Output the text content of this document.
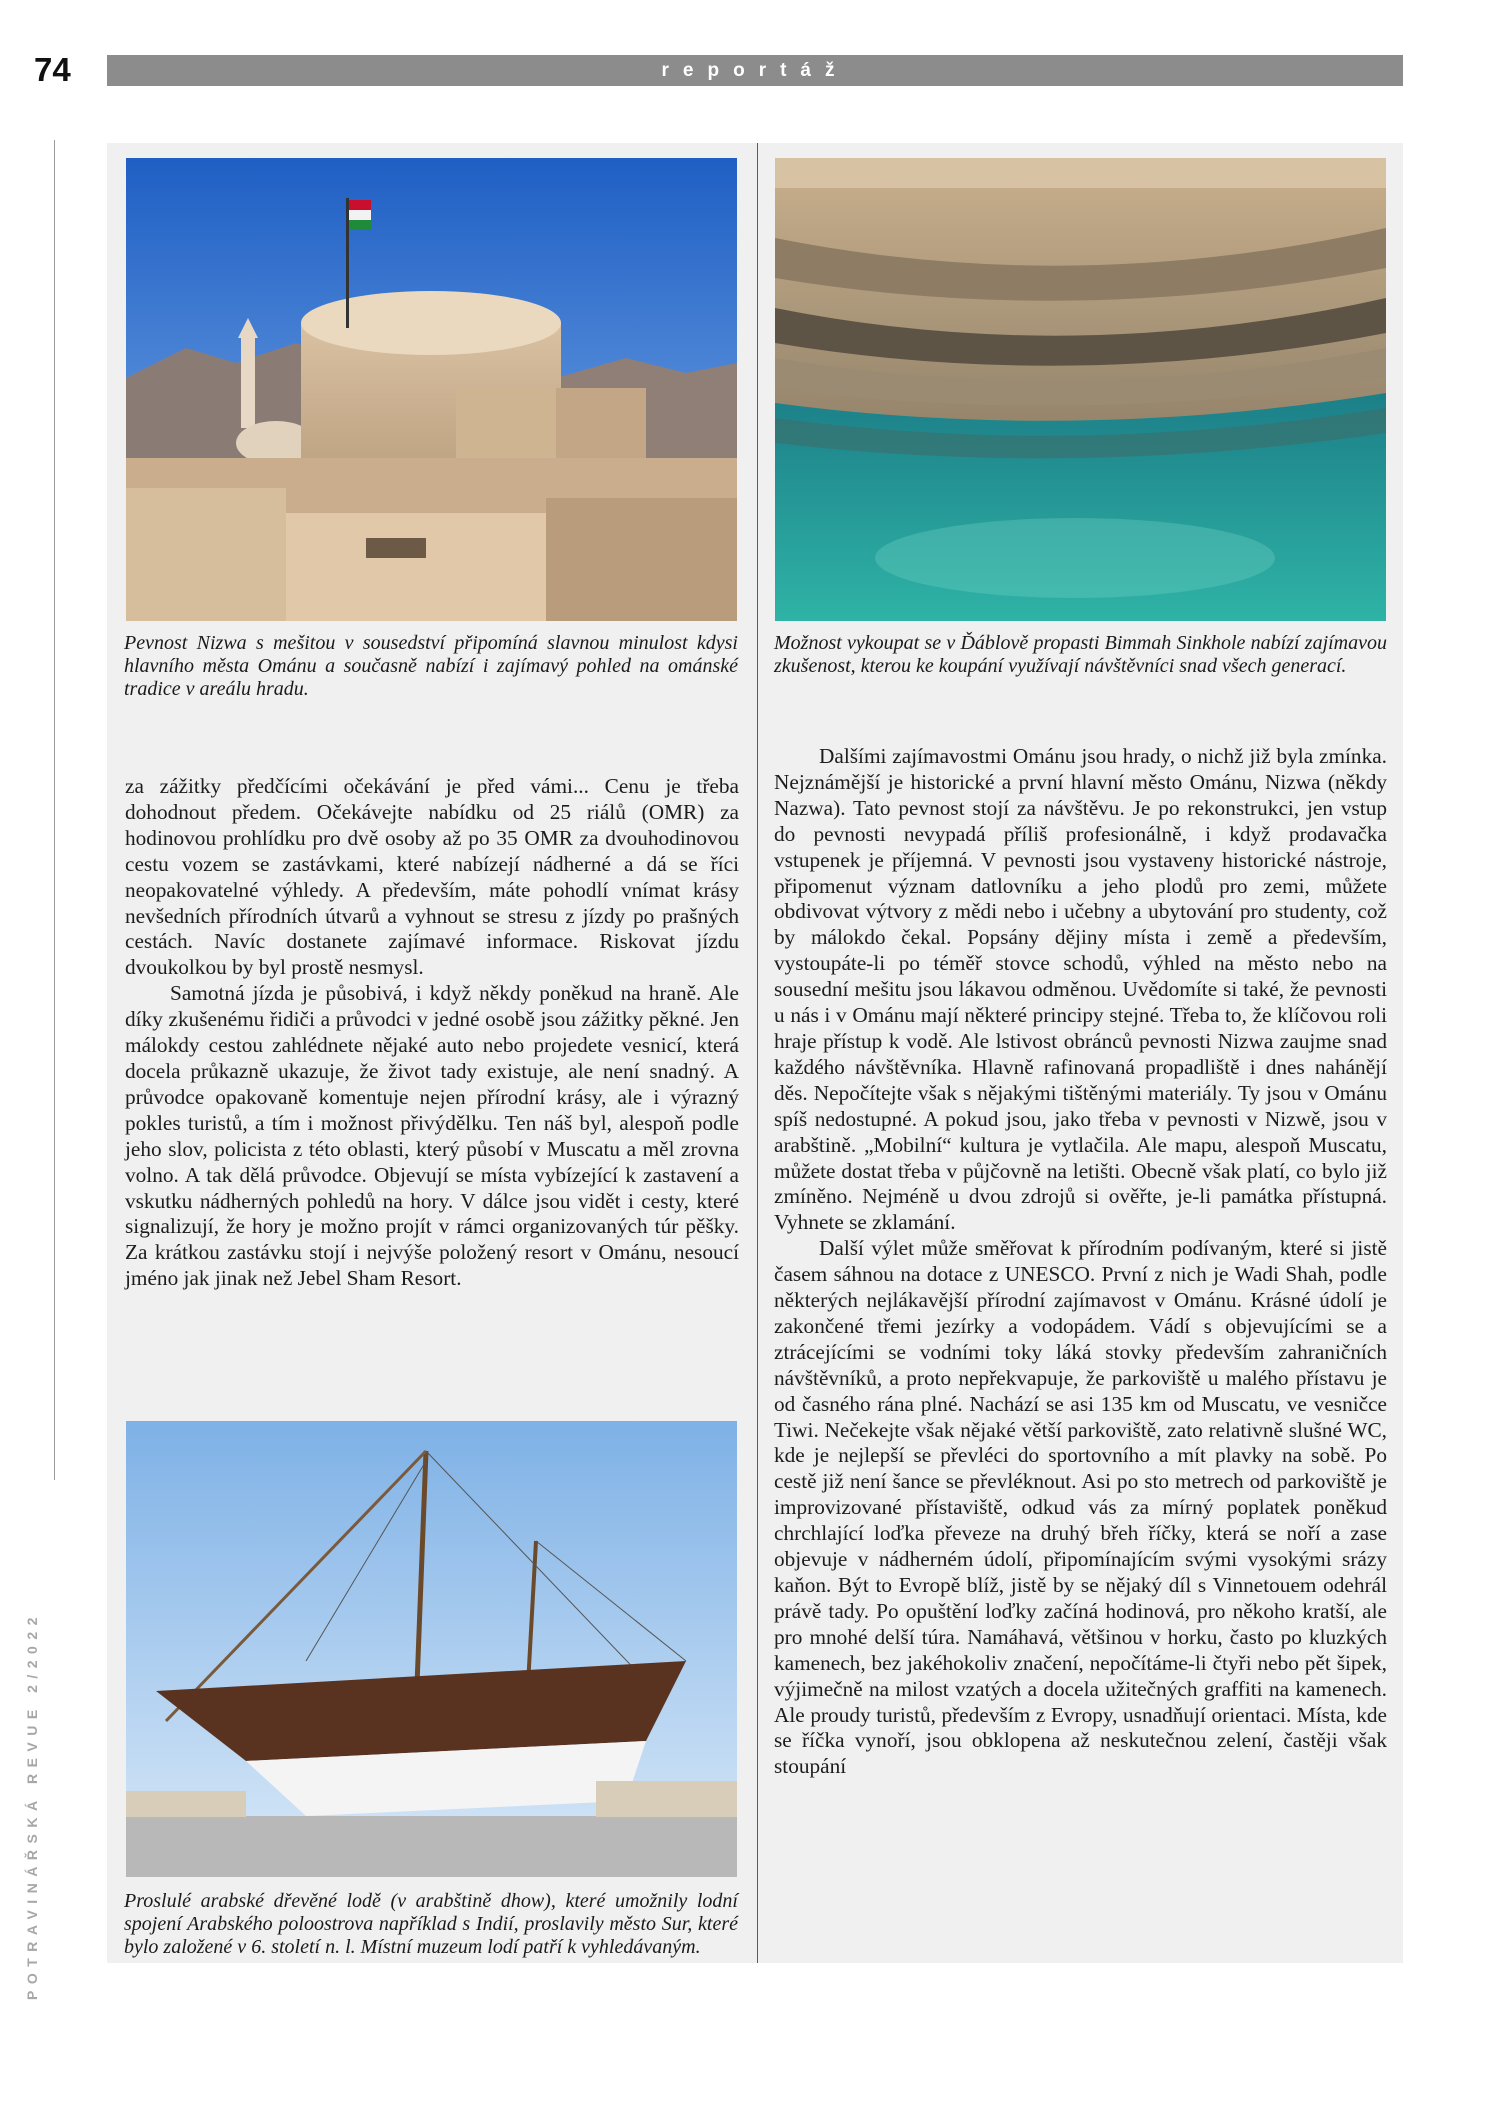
74	reportáž
POTRAVINÁŘSKÁ REVUE 2/2022
Pevnost Nizwa s mešitou v sousedství připomíná slavnou minulost kdysi hlavního města Ománu a současně nabízí i zajímavý pohled na ománské tradice v areálu hradu.
Možnost vykoupat se v Ďáblově propasti Bimmah Sinkhole nabízí zajímavou zkušenost, kterou ke koupání využívají návštěvníci snad všech generací.
Proslulé arabské dřevěné lodě (v arabštině dhow), které umožnily lodní spojení Arabského poloostrova například s Indií, proslavily město Sur, které bylo založené v 6. století n. l. Místní muzeum lodí patří k vyhledávaným.

za zážitky předčícími očekávání je před vámi... Cenu je třeba dohodnout předem. Očekávejte nabídku od 25 riálů (OMR) za hodinovou prohlídku pro dvě osoby až po 35 OMR za dvouhodinovou cestu vozem se zastávkami, které nabízejí nádherné a dá se říci neopakovatelné výhledy. A především, máte pohodlí vnímat krásy nevšedních přírodních útvarů a vyhnout se stresu z jízdy po prašných cestách. Navíc dostanete zajímavé informace. Riskovat jízdu dvoukolkou by byl prostě nesmysl.

Samotná jízda je působivá, i když někdy poněkud na hraně. Ale díky zkušenému řidiči a průvodci v jedné osobě jsou zážitky pěkné. Jen málokdy cestou zahlédnete nějaké auto nebo projedete vesnicí, která docela průkazně ukazuje, že život tady existuje, ale není snadný. A průvodce opakovaně komentuje nejen přírodní krásy, ale i výrazný pokles turistů, a tím i možnost přivýdělku. Ten náš byl, alespoň podle jeho slov, policista z této oblasti, který působí v Muscatu a měl zrovna volno. A tak dělá průvodce. Objevují se místa vybízející k zastavení a vskutku nádherných pohledů na hory. V dálce jsou vidět i cesty, které signalizují, že hory je možno projít v rámci organizovaných túr pěšky. Za krátkou zastávku stojí i nejvýše položený resort v Ománu, nesoucí jméno jak jinak než Jebel Sham Resort.

Dalšími zajímavostmi Ománu jsou hrady, o nichž již byla zmínka. Nejznámější je historické a první hlavní město Ománu, Nizwa (někdy Nazwa). Tato pevnost stojí za návštěvu. Je po rekonstrukci, jen vstup do pevnosti nevypadá příliš profesionálně, i když prodavačka vstupenek je příjemná. V pevnosti jsou vystaveny historické nástroje, připomenut význam datlovníku a jeho plodů pro zemi, můžete obdivovat výtvory z mědi nebo i učebny a ubytování pro studenty, což by málokdo čekal. Popsány dějiny místa i země a především, vystoupáte-li po téměř stovce schodů, výhled na město nebo na sousední mešitu jsou lákavou odměnou. Uvědomíte si také, že pevnosti u nás i v Ománu mají některé principy stejné. Třeba to, že klíčovou roli hraje přístup k vodě. Ale lstivost obránců pevnosti Nizwa zaujme snad každého návštěvníka. Hlavně rafinovaná propadliště i dnes nahánějí děs. Nepočítejte však s nějakými tištěnými materiály. Ty jsou v Ománu spíš nedostupné. A pokud jsou, jako třeba v pevnosti v Nizwě, jsou v arabštině. „Mobilní“ kultura je vytlačila. Ale mapu, alespoň Muscatu, můžete dostat třeba v půjčovně na letišti. Obecně však platí, co bylo již zmíněno. Nejméně u dvou zdrojů si ověřte, je-li památka přístupná. Vyhnete se zklamání.

Další výlet může směřovat k přírodním podívaným, které si jistě časem sáhnou na dotace z UNESCO. První z nich je Wadi Shah, podle některých nejlákavější přírodní zajímavost v Ománu. Krásné údolí je zakončené třemi jezírky a vodopádem. Vádí s objevujícími se a ztrácejícími se vodními toky láká stovky především zahraničních návštěvníků, a proto nepřekvapuje, že parkoviště u malého přístavu je od časného rána plné. Nachází se asi 135 km od Muscatu, ve vesničce Tiwi. Nečekejte však nějaké větší parkoviště, zato relativně slušné WC, kde je nejlepší se převléci do sportovního a mít plavky na sobě. Po cestě již není šance se převléknout. Asi po sto metrech od parkoviště je improvizované přístaviště, odkud vás za mírný poplatek poněkud chrchlající loďka převeze na druhý břeh říčky, která se noří a zase objevuje v nádherném údolí, připomínajícím svými vysokými srázy kaňon. Být to Evropě blíž, jistě by se nějaký díl s Vinnetouem odehrál právě tady. Po opuštění loďky začíná hodinová, pro někoho kratší, ale pro mnohé delší túra. Namáhavá, většinou v horku, často po kluzkých kamenech, bez jakéhokoliv značení, nepočítáme-li čtyři nebo pět šipek, výjimečně na milost vzatých a docela užitečných graffiti na kamenech. Ale proudy turistů, především z Evropy, usnadňují orientaci. Místa, kde se říčka vynoří, jsou obklopena až neskutečnou zelení, častěji však stoupání
